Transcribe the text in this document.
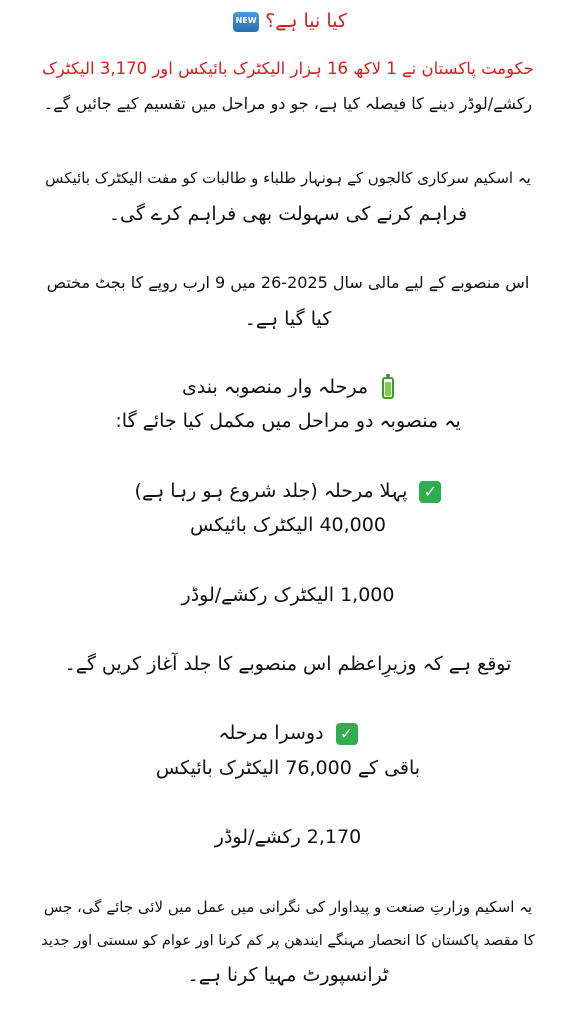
کیا نیا ہے؟ NEW
حکومت پاکستان نے 1 لاکھ 16 ہزار الیکٹرک بائیکس اور 3,170 الیکٹرک
رکشے/لوڈر دینے کا فیصلہ کیا ہے، جو دو مراحل میں تقسیم کیے جائیں گے۔
یہ اسکیم سرکاری کالجوں کے ہونہار طلباء و طالبات کو مفت الیکٹرک بائیکس
فراہم کرنے کی سہولت بھی فراہم کرے گی۔
اس منصوبے کے لیے مالی سال 2025-26 میں 9 ارب روپے کا بجٹ مختص
کیا گیا ہے۔
مرحلہ وار منصوبہ بندی
یہ منصوبہ دو مراحل میں مکمل کیا جائے گا:
✓ پہلا مرحلہ (جلد شروع ہو رہا ہے)
40,000 الیکٹرک بائیکس
1,000 الیکٹرک رکشے/لوڈر
توقع ہے کہ وزیرِاعظم اس منصوبے کا جلد آغاز کریں گے۔
✓ دوسرا مرحلہ
باقی کے 76,000 الیکٹرک بائیکس
2,170 رکشے/لوڈر
یہ اسکیم وزارتِ صنعت و پیداوار کی نگرانی میں عمل میں لائی جائے گی، جس
کا مقصد پاکستان کا انحصار مہنگے ایندھن پر کم کرنا اور عوام کو سستی اور جدید
ٹرانسپورٹ مہیا کرنا ہے۔
